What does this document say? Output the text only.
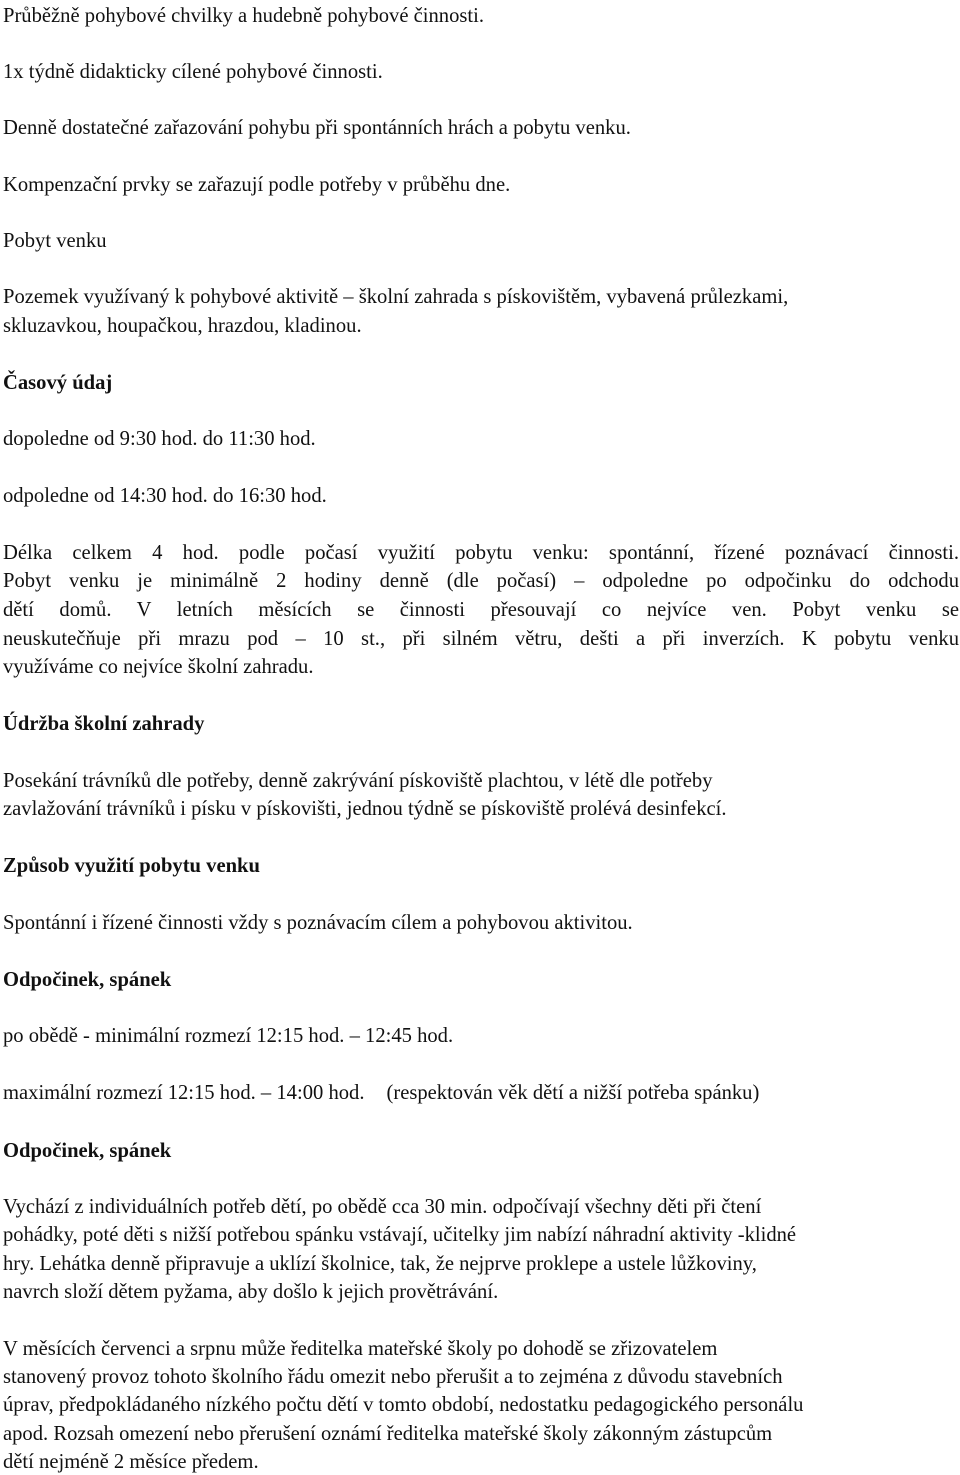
Průběžně pohybové chvilky a hudebně pohybové činnosti.
1x týdně didakticky cílené pohybové činnosti.
Denně dostatečné zařazování pohybu při spontánních hrách a pobytu venku.
Kompenzační prvky se zařazují podle potřeby v průběhu dne.
Pobyt venku
Pozemek využívaný k pohybové aktivitě – školní zahrada s pískovištěm, vybavená průlezkami,
skluzavkou, houpačkou, hrazdou, kladinou.
Časový údaj
dopoledne od 9:30 hod. do 11:30 hod.
odpoledne od 14:30 hod. do 16:30 hod.
Délka celkem 4 hod. podle počasí využití pobytu venku: spontánní, řízené poznávací činnosti.
Pobyt venku je minimálně 2 hodiny denně (dle počasí) – odpoledne po odpočinku do odchodu
dětí domů. V letních měsících se činnosti přesouvají co nejvíce ven. Pobyt venku se
neuskutečňuje při mrazu pod – 10 st., při silném větru, dešti a při inverzích. K pobytu venku
využíváme co nejvíce školní zahradu.
Údržba školní zahrady
Posekání trávníků dle potřeby, denně zakrývání pískoviště plachtou, v létě dle potřeby
zavlažování trávníků i písku v pískovišti, jednou týdně se pískoviště prolévá desinfekcí.
Způsob využití pobytu venku
Spontánní i řízené činnosti vždy s poznávacím cílem a pohybovou aktivitou.
Odpočinek, spánek
po obědě - minimální rozmezí 12:15 hod. – 12:45 hod.
maximální rozmezí 12:15 hod. – 14:00 hod. (respektován věk dětí a nižší potřeba spánku)
Odpočinek, spánek
Vychází z individuálních potřeb dětí, po obědě cca 30 min. odpočívají všechny děti při čtení
pohádky, poté děti s nižší potřebou spánku vstávají, učitelky jim nabízí náhradní aktivity -klidné
hry. Lehátka denně připravuje a uklízí školnice, tak, že nejprve proklepe a ustele lůžkoviny,
navrch složí dětem pyžama, aby došlo k jejich provětrávání.
V měsících červenci a srpnu může ředitelka mateřské školy po dohodě se zřizovatelem
stanovený provoz tohoto školního řádu omezit nebo přerušit a to zejména z důvodu stavebních
úprav, předpokládaného nízkého počtu dětí v tomto období, nedostatku pedagogického personálu
apod. Rozsah omezení nebo přerušení oznámí ředitelka mateřské školy zákonným zástupcům
dětí nejméně 2 měsíce předem.
